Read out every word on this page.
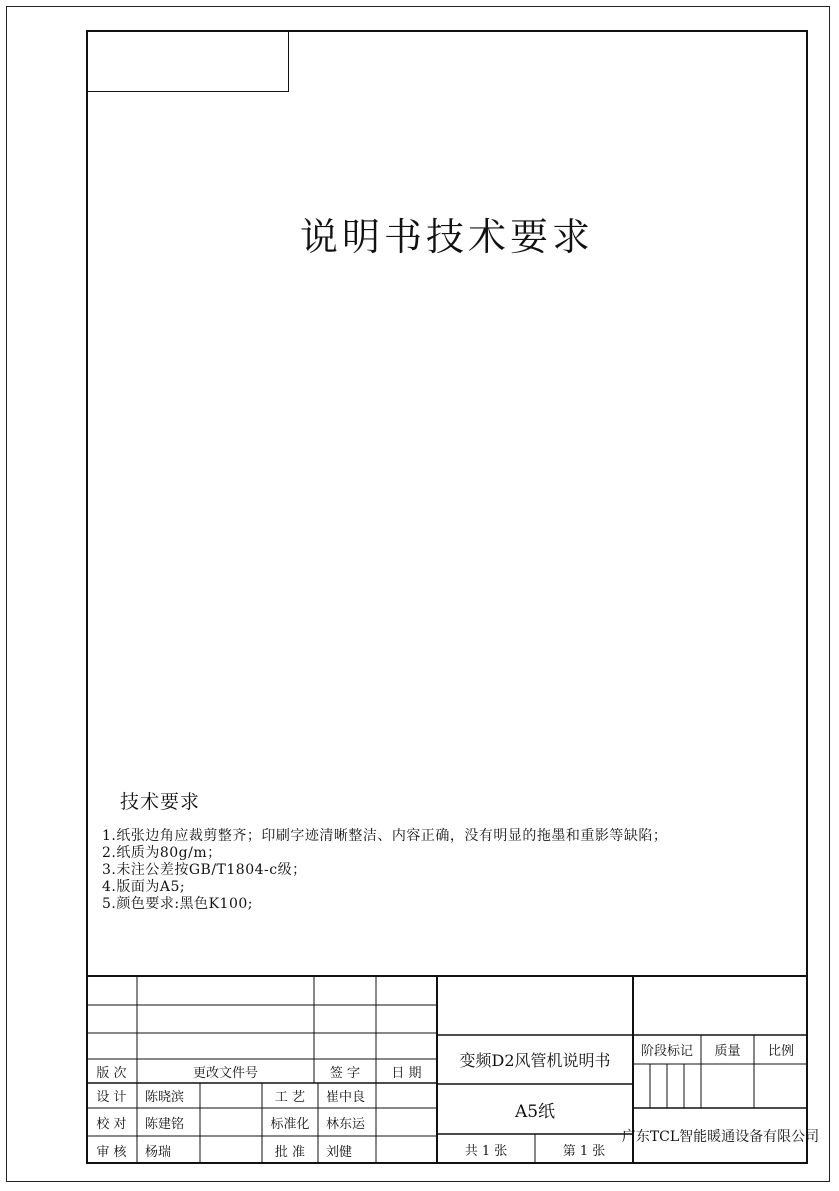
说明书技术要求
技术要求
1.纸张边角应裁剪整齐；印刷字迹清晰整洁、内容正确，没有明显的拖墨和重影等缺陷；
2.纸质为80g/m；
3.未注公差按GB/T1804-c级；
4.版面为A5;
5.颜色要求:黑色K100;
版 次	更改文件号	签 字	日 期
设 计	陈晓滨	工 艺	崔中良
校 对	陈建铭	标准化	林东运
审 核	杨瑞	批 准	刘健
变频D2风管机说明书
A5纸
共 1 张	第 1 张
阶段标记	质量	比例
广东TCL智能暖通设备有限公司
